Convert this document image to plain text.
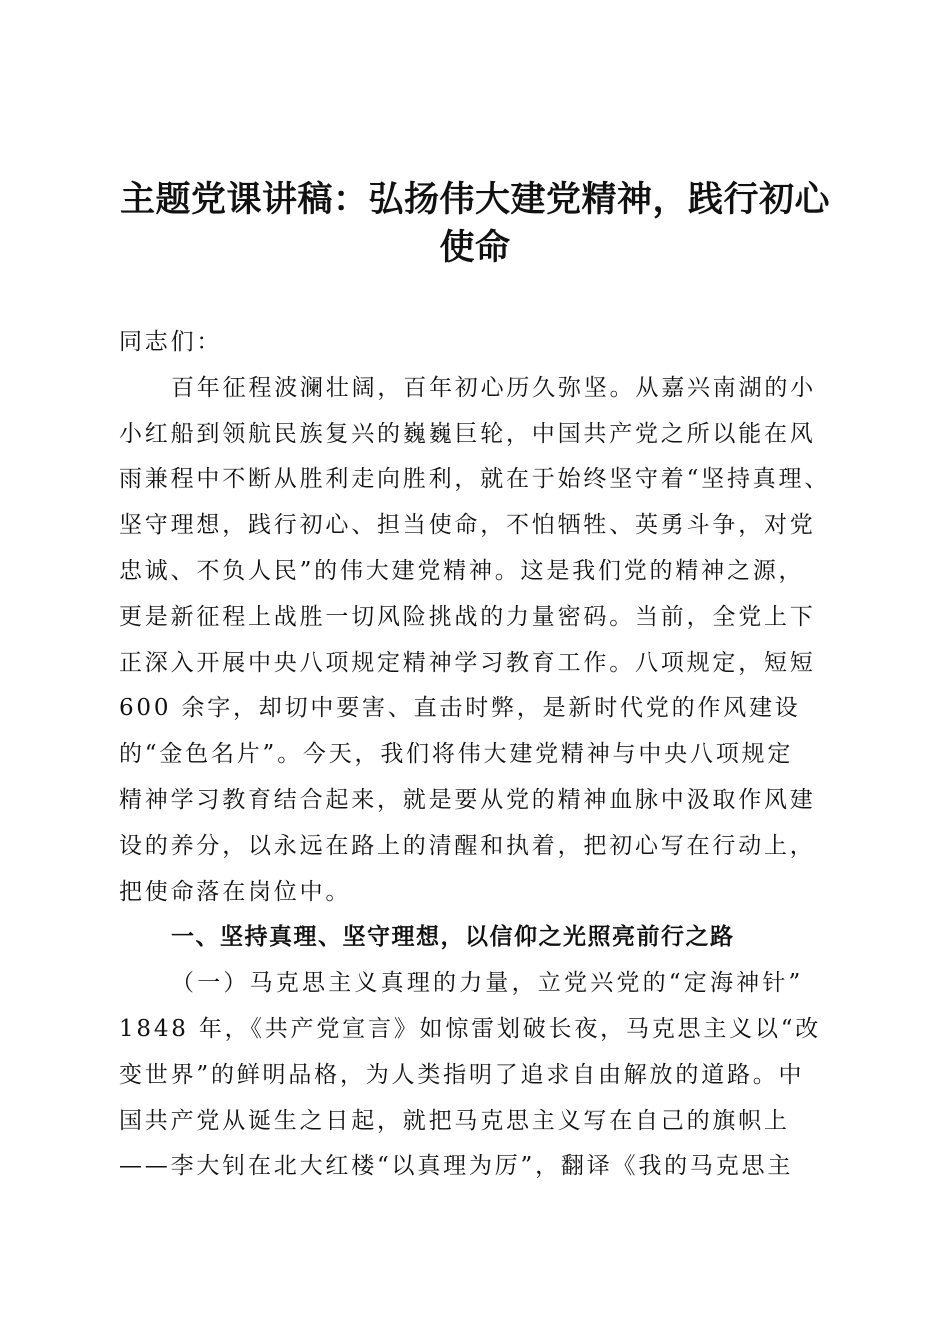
主题党课讲稿：弘扬伟大建党精神，践行初心
使命
同志们：
百年征程波澜壮阔，百年初心历久弥坚。从嘉兴南湖的小
小红船到领航民族复兴的巍巍巨轮，中国共产党之所以能在风
雨兼程中不断从胜利走向胜利，就在于始终坚守着“坚持真理、
坚守理想，践行初心、担当使命，不怕牺牲、英勇斗争，对党
忠诚、不负人民”的伟大建党精神。这是我们党的精神之源，
更是新征程上战胜一切风险挑战的力量密码。当前，全党上下
正深入开展中央八项规定精神学习教育工作。八项规定，短短
600 余字，却切中要害、直击时弊，是新时代党的作风建设
的“金色名片”。今天，我们将伟大建党精神与中央八项规定
精神学习教育结合起来，就是要从党的精神血脉中汲取作风建
设的养分，以永远在路上的清醒和执着，把初心写在行动上，
把使命落在岗位中。
一、坚持真理、坚守理想，以信仰之光照亮前行之路
（一）马克思主义真理的力量，立党兴党的“定海神针”
1848 年，《共产党宣言》如惊雷划破长夜，马克思主义以“改
变世界”的鲜明品格，为人类指明了追求自由解放的道路。中
国共产党从诞生之日起，就把马克思主义写在自己的旗帜上
——李大钊在北大红楼“以真理为厉”，翻译《我的马克思主
